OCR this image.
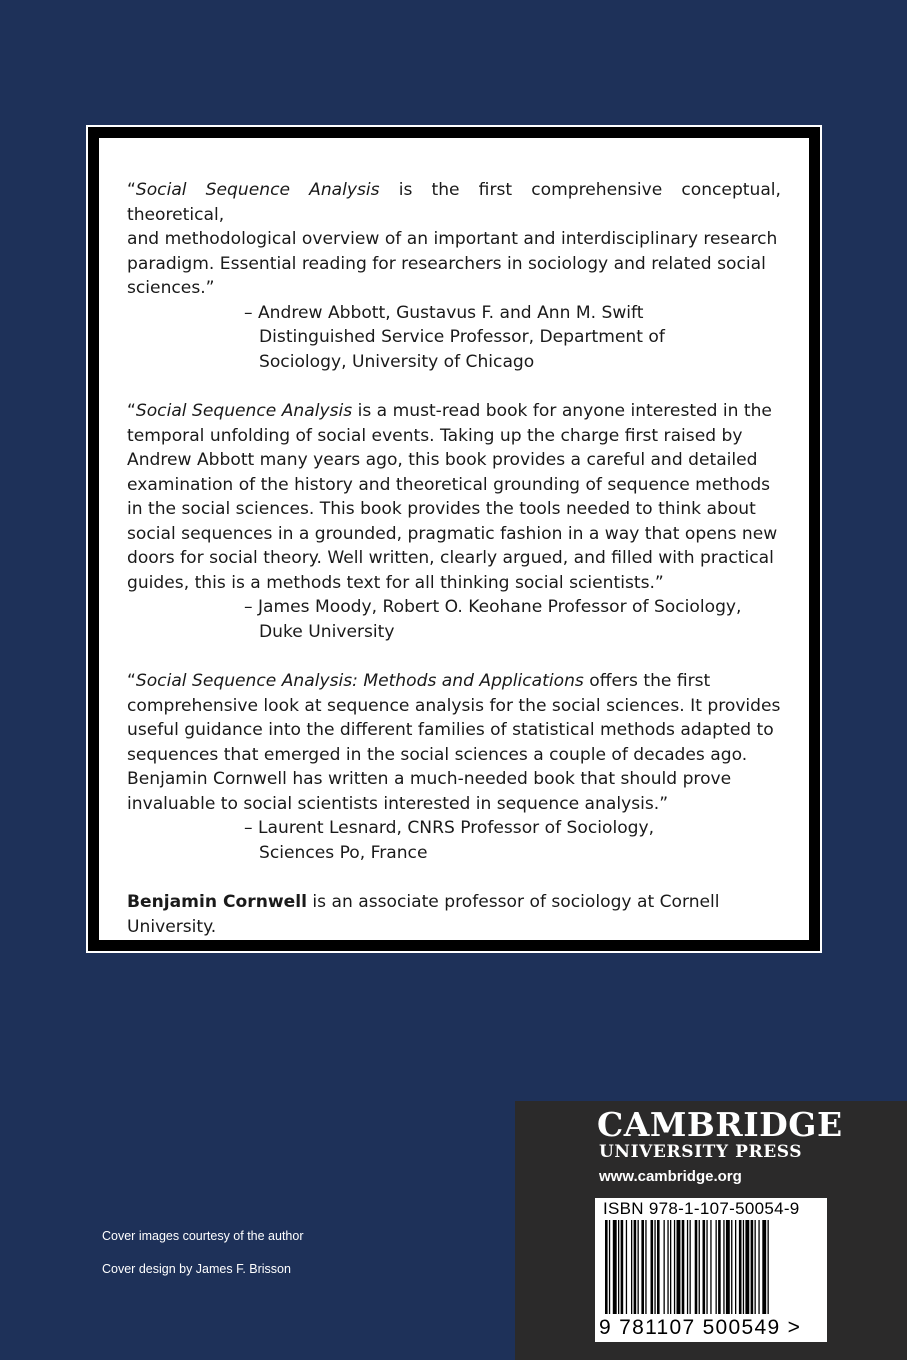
“Social Sequence Analysis is the first comprehensive conceptual, theoretical,

and methodological overview of an important and interdisciplinary research

paradigm. Essential reading for researchers in sociology and related social

sciences.”

– Andrew Abbott, Gustavus F. and Ann M. Swift
Distinguished Service Professor, Department of
Sociology, University of Chicago

“Social Sequence Analysis is a must-read book for anyone interested in the

temporal unfolding of social events. Taking up the charge first raised by

Andrew Abbott many years ago, this book provides a careful and detailed

examination of the history and theoretical grounding of sequence methods

in the social sciences. This book provides the tools needed to think about

social sequences in a grounded, pragmatic fashion in a way that opens new

doors for social theory. Well written, clearly argued, and filled with practical

guides, this is a methods text for all thinking social scientists.”

– James Moody, Robert O. Keohane Professor of Sociology,
Duke University

“Social Sequence Analysis: Methods and Applications offers the first

comprehensive look at sequence analysis for the social sciences. It provides

useful guidance into the different families of statistical methods adapted to

sequences that emerged in the social sciences a couple of decades ago.

Benjamin Cornwell has written a much-needed book that should prove

invaluable to social scientists interested in sequence analysis.”

– Laurent Lesnard, CNRS Professor of Sociology,
Sciences Po, France

Benjamin Cornwell is an associate professor of sociology at Cornell

University.

Cover images courtesy of the author
Cover design by James F. Brisson
CAMBRIDGE
UNIVERSITY PRESS
www.cambridge.org
ISBN 978-1-107-50054-9
9 781107 500549 >
